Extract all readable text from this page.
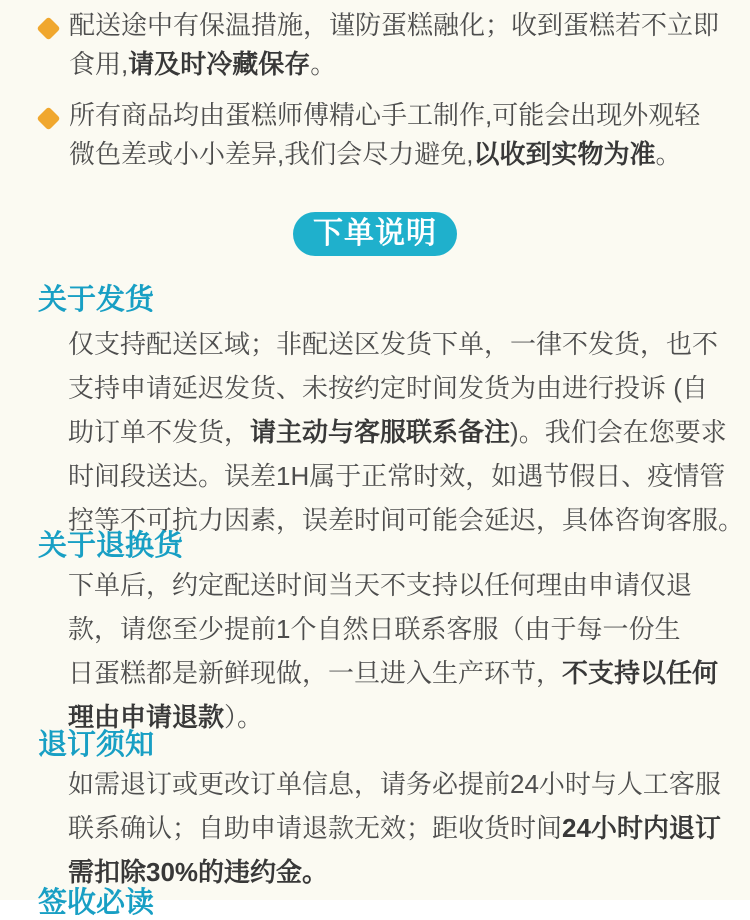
配送途中有保温措施，谨防蛋糕融化；收到蛋糕若不立即
食用,请及时冷藏保存。
所有商品均由蛋糕师傅精心手工制作,可能会出现外观轻
微色差或小小差异,我们会尽力避免,以收到实物为准。
下单说明
关于发货
仅支持配送区域；非配送区发货下单，一律不发货，也不
支持申请延迟发货、未按约定时间发货为由进行投诉 (自
助订单不发货，请主动与客服联系备注)。我们会在您要求
时间段送达。误差1H属于正常时效，如遇节假日、疫情管
控等不可抗力因素，误差时间可能会延迟，具体咨询客服。
关于退换货
下单后，约定配送时间当天不支持以任何理由申请仅退
款，请您至少提前1个自然日联系客服（由于每一份生
日蛋糕都是新鲜现做，一旦进入生产环节，不支持以任何
理由申请退款）。
退订须知
如需退订或更改订单信息，请务必提前24小时与人工客服
联系确认；自助申请退款无效；距收货时间24小时内退订
需扣除30%的违约金。
签收必读
